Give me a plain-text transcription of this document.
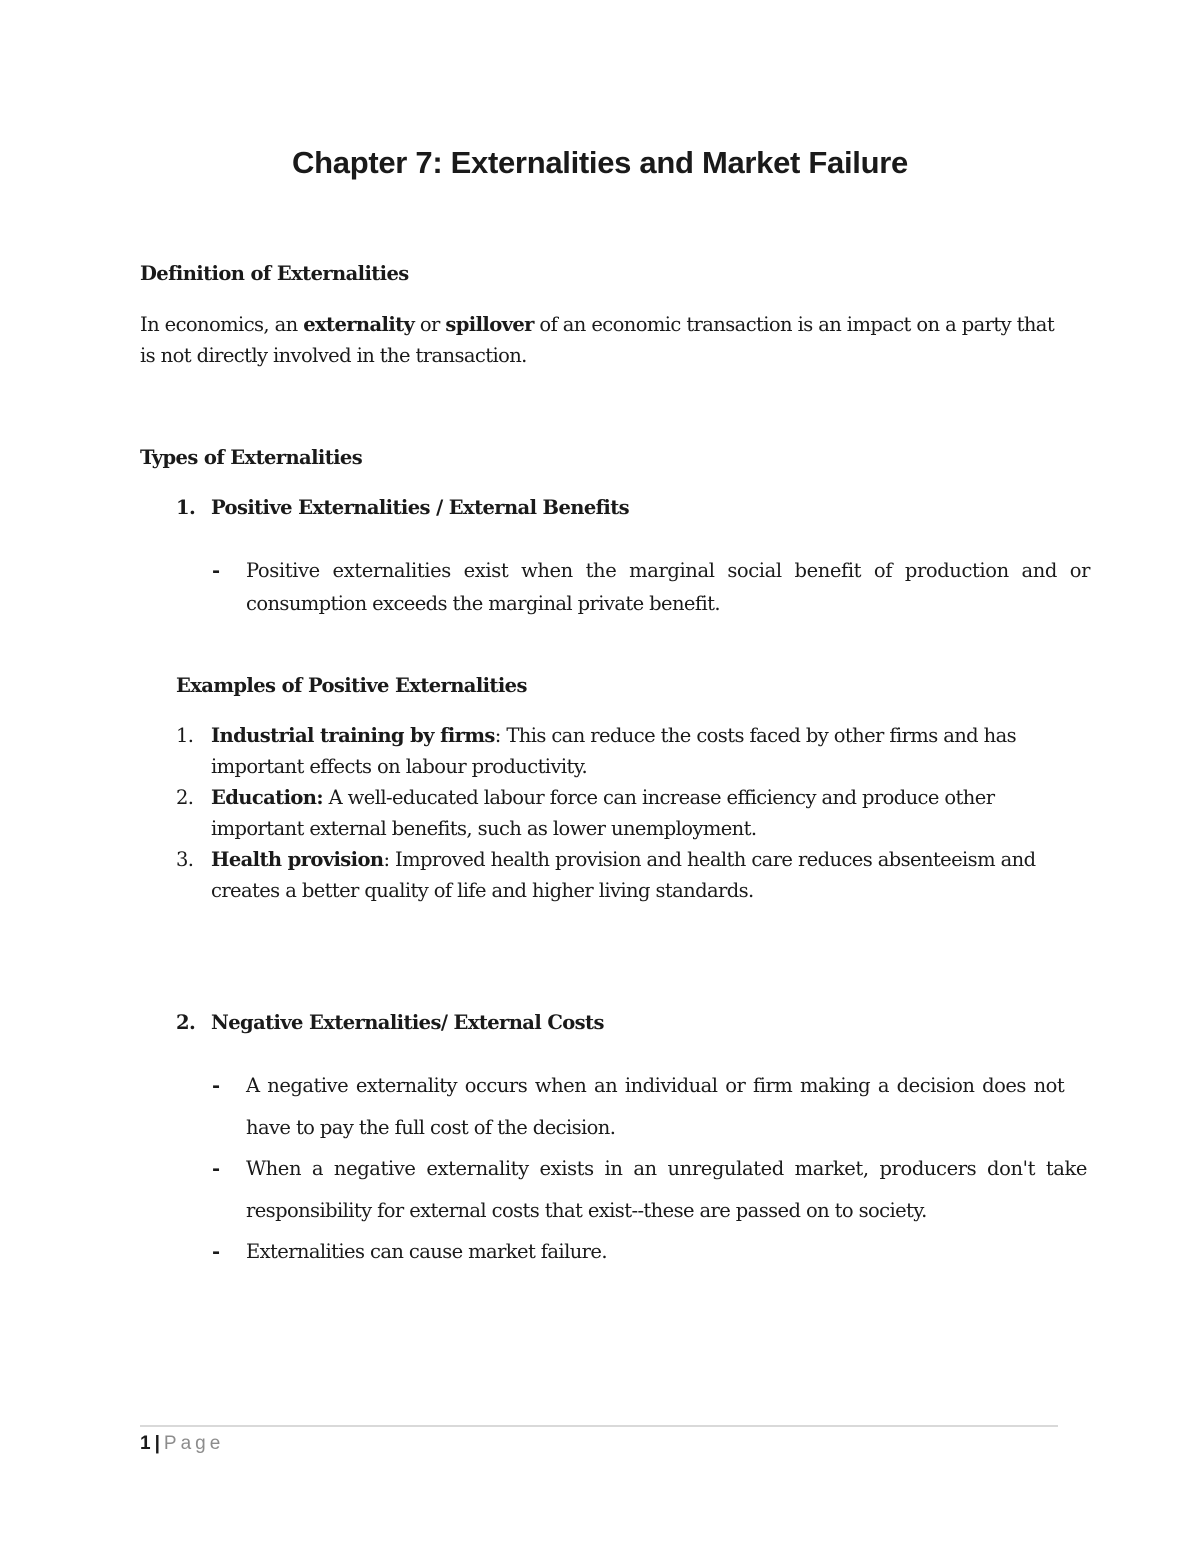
Chapter 7: Externalities and Market Failure
Definition of Externalities
In economics, an externality or spillover of an economic transaction is an impact on a party that
is not directly involved in the transaction.
Types of Externalities
1. Positive Externalities / External Benefits
- Positive externalities exist when the marginal social benefit of production and or
consumption exceeds the marginal private benefit.
Examples of Positive Externalities
1. Industrial training by firms: This can reduce the costs faced by other firms and has
important effects on labour productivity.
2. Education: A well-educated labour force can increase efficiency and produce other
important external benefits, such as lower unemployment.
3. Health provision: Improved health provision and health care reduces absenteeism and
creates a better quality of life and higher living standards.
2. Negative Externalities/ External Costs
- A negative externality occurs when an individual or firm making a decision does not
have to pay the full cost of the decision.
- When a negative externality exists in an unregulated market, producers don't take
responsibility for external costs that exist--these are passed on to society.
- Externalities can cause market failure.
1 | Page
